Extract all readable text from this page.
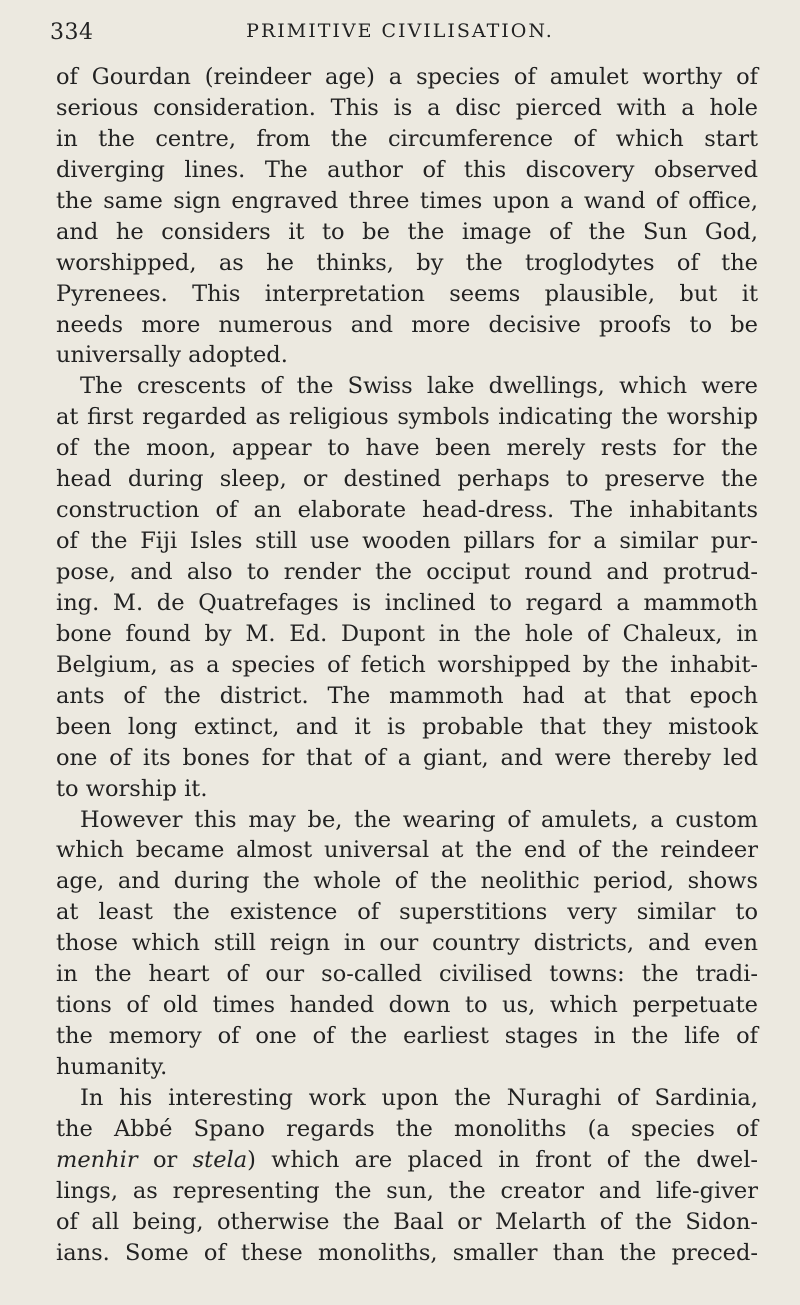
334	PRIMITIVE CIVILISATION.
of Gourdan (reindeer age) a species of amulet worthy of
serious consideration. This is a disc pierced with a hole
in the centre, from the circumference of which start
diverging lines. The author of this discovery observed
the same sign engraved three times upon a wand of office,
and he considers it to be the image of the Sun God,
worshipped, as he thinks, by the troglodytes of the
Pyrenees. This interpretation seems plausible, but it
needs more numerous and more decisive proofs to be
universally adopted.
The crescents of the Swiss lake dwellings, which were
at first regarded as religious symbols indicating the worship
of the moon, appear to have been merely rests for the
head during sleep, or destined perhaps to preserve the
construction of an elaborate head-dress. The inhabitants
of the Fiji Isles still use wooden pillars for a similar pur-
pose, and also to render the occiput round and protrud-
ing. M. de Quatrefages is inclined to regard a mammoth
bone found by M. Ed. Dupont in the hole of Chaleux, in
Belgium, as a species of fetich worshipped by the inhabit-
ants of the district. The mammoth had at that epoch
been long extinct, and it is probable that they mistook
one of its bones for that of a giant, and were thereby led
to worship it.
However this may be, the wearing of amulets, a custom
which became almost universal at the end of the reindeer
age, and during the whole of the neolithic period, shows
at least the existence of superstitions very similar to
those which still reign in our country districts, and even
in the heart of our so-called civilised towns: the tradi-
tions of old times handed down to us, which perpetuate
the memory of one of the earliest stages in the life of
humanity.
In his interesting work upon the Nuraghi of Sardinia,
the Abbé Spano regards the monoliths (a species of
menhir or stela) which are placed in front of the dwel-
lings, as representing the sun, the creator and life-giver
of all being, otherwise the Baal or Melarth of the Sidon-
ians. Some of these monoliths, smaller than the preced-
